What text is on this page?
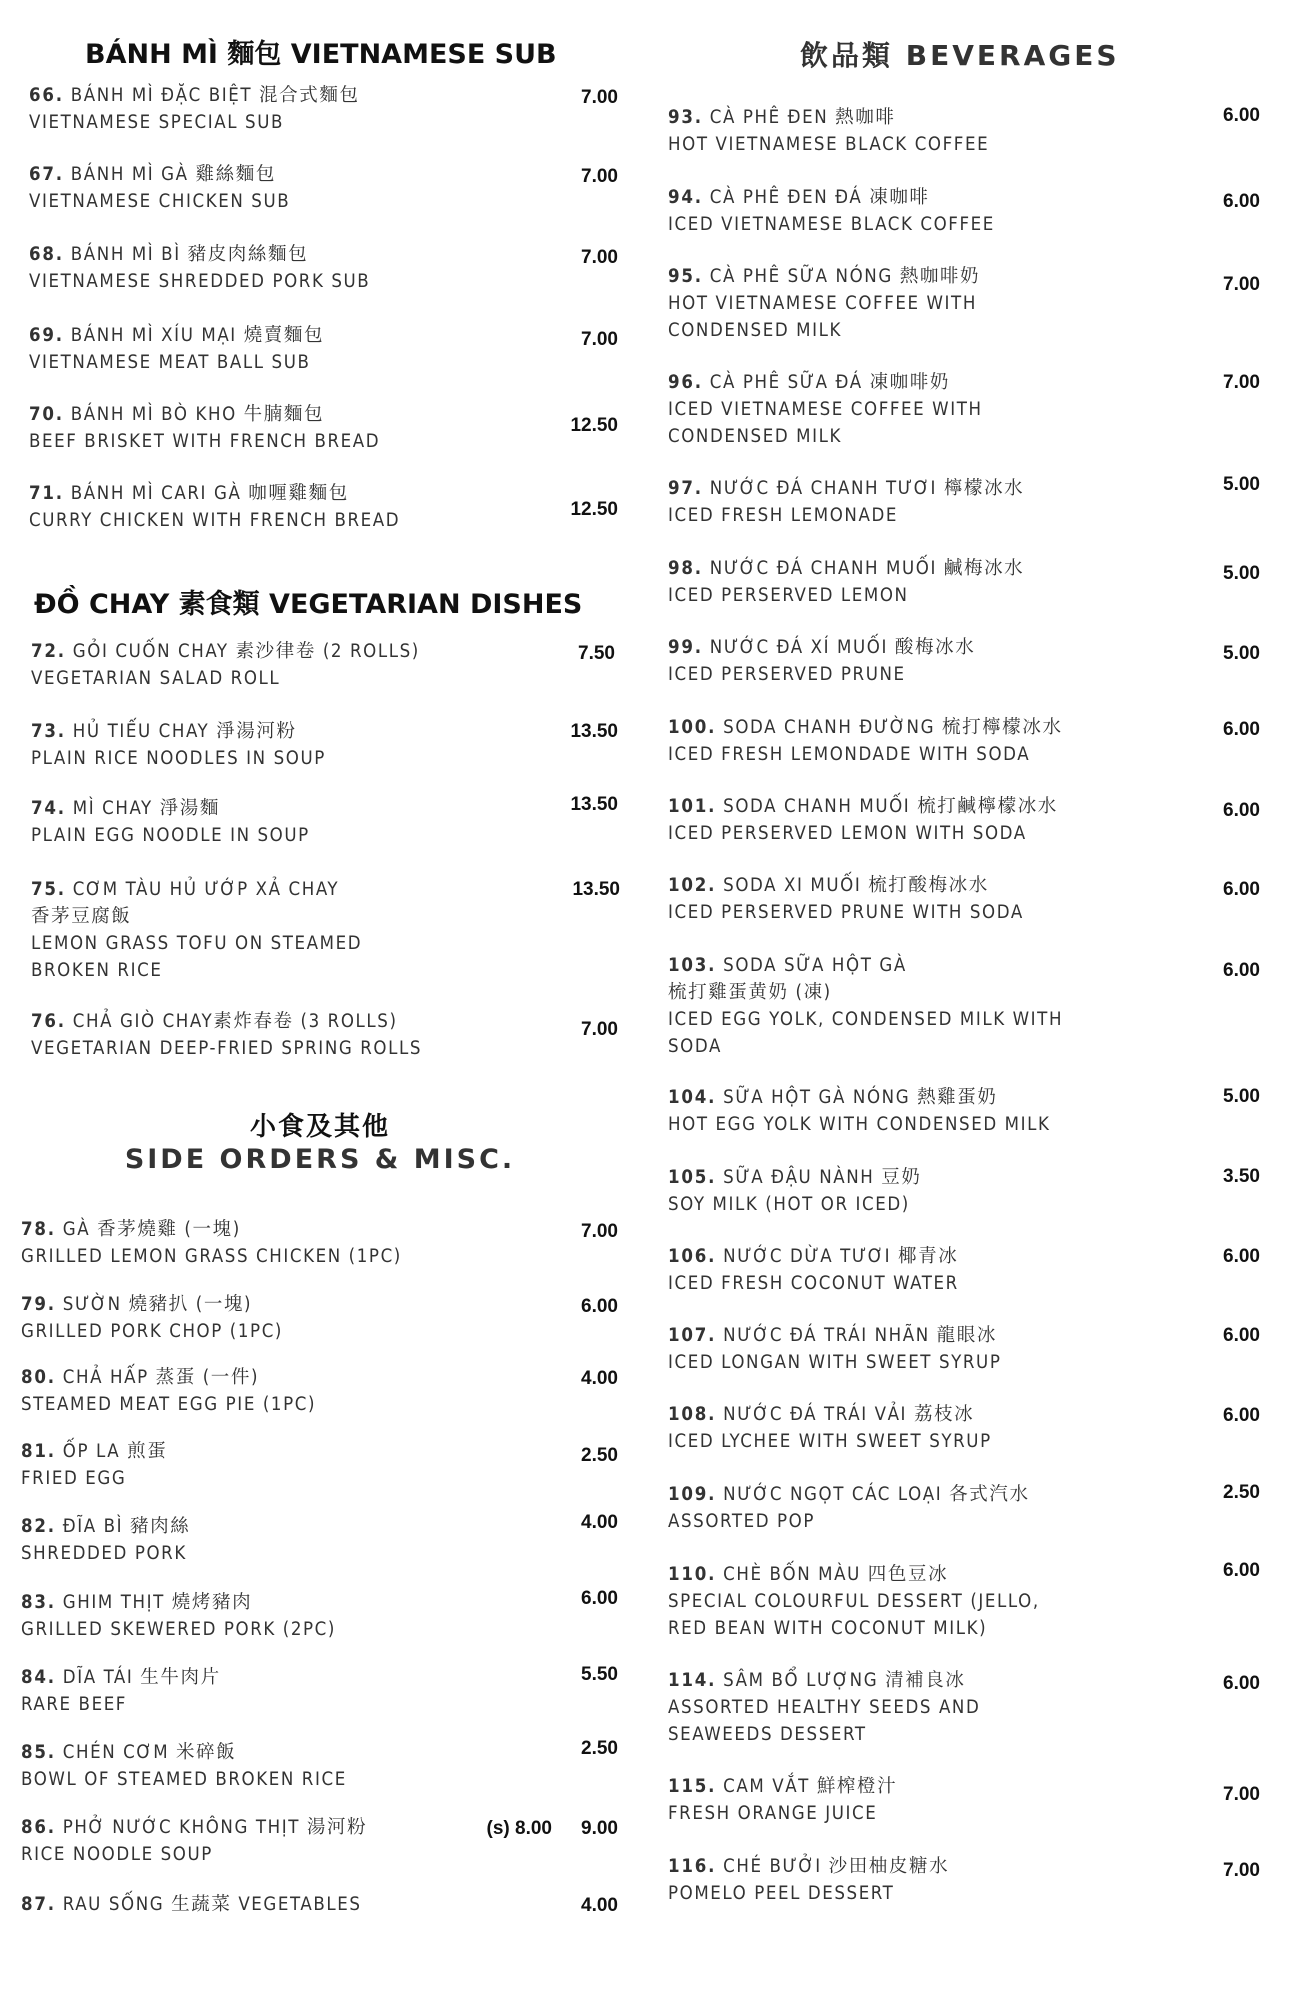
BÁNH MÌ 麵包 VIETNAMESE SUB
66. BÁNH MÌ ĐẶC BIỆT 混合式麵包
VIETNAMESE SPECIAL SUB
7.00
67. BÁNH MÌ GÀ 雞絲麵包
VIETNAMESE CHICKEN SUB
7.00
68. BÁNH MÌ BÌ 豬皮肉絲麵包
VIETNAMESE SHREDDED PORK SUB
7.00
69. BÁNH MÌ XÍU MẠI 燒賣麵包
VIETNAMESE MEAT BALL SUB
7.00
70. BÁNH MÌ BÒ KHO 牛腩麵包
BEEF BRISKET WITH FRENCH BREAD
12.50
71. BÁNH MÌ CARI GÀ 咖喱雞麵包
CURRY CHICKEN WITH FRENCH BREAD
12.50
ĐỒ CHAY 素食類 VEGETARIAN DISHES
72. GỎI CUỐN CHAY 素沙律卷 (2 ROLLS)
VEGETARIAN SALAD ROLL
7.50
73. HỦ TIẾU CHAY 淨湯河粉
PLAIN RICE NOODLES IN SOUP
13.50
74. MÌ CHAY 淨湯麵
PLAIN EGG NOODLE IN SOUP
13.50
75. CƠM TÀU HỦ ƯỚP XẢ CHAY
香茅豆腐飯
LEMON GRASS TOFU ON STEAMED
BROKEN RICE
13.50
76. CHẢ GIÒ CHAY素炸春卷 (3 ROLLS)
VEGETARIAN DEEP-FRIED SPRING ROLLS
7.00
小食及其他
SIDE ORDERS & MISC.
78. GÀ 香茅燒雞 (一塊)
GRILLED LEMON GRASS CHICKEN (1PC)
7.00
79. SƯỜN 燒豬扒 (一塊)
GRILLED PORK CHOP (1PC)
6.00
80. CHẢ HẤP 蒸蛋 (一件)
STEAMED MEAT EGG PIE (1PC)
4.00
81. ỐP LA 煎蛋
FRIED EGG
2.50
82. ĐĨA BÌ 豬肉絲
SHREDDED PORK
4.00
83. GHIM THỊT 燒烤豬肉
GRILLED SKEWERED PORK (2PC)
6.00
84. DĨA TÁI 生牛肉片
RARE BEEF
5.50
85. CHÉN CƠM 米碎飯
BOWL OF STEAMED BROKEN RICE
2.50
86. PHỞ NƯỚC KHÔNG THỊT 湯河粉
RICE NOODLE SOUP
(s) 8.00 9.00
87. RAU SỐNG 生蔬菜 VEGETABLES	4.00
飲品類 BEVERAGES
93. CÀ PHÊ ĐEN 熱咖啡
HOT VIETNAMESE BLACK COFFEE
6.00
94. CÀ PHÊ ĐEN ĐÁ 凍咖啡
ICED VIETNAMESE BLACK COFFEE
6.00
95. CÀ PHÊ SỮA NÓNG 熱咖啡奶
HOT VIETNAMESE COFFEE WITH
CONDENSED MILK
7.00
96. CÀ PHÊ SỮA ĐÁ 凍咖啡奶
ICED VIETNAMESE COFFEE WITH
CONDENSED MILK
7.00
97. NƯỚC ĐÁ CHANH TƯƠI 檸檬冰水
ICED FRESH LEMONADE
5.00
98. NƯỚC ĐÁ CHANH MUỐI 鹹梅冰水
ICED PERSERVED LEMON
5.00
99. NƯỚC ĐÁ XÍ MUỐI 酸梅冰水
ICED PERSERVED PRUNE
5.00
100. SODA CHANH ĐƯỜNG 梳打檸檬冰水
ICED FRESH LEMONDADE WITH SODA
6.00
101. SODA CHANH MUỐI 梳打鹹檸檬冰水
ICED PERSERVED LEMON WITH SODA
6.00
102. SODA XI MUỐI 梳打酸梅冰水
ICED PERSERVED PRUNE WITH SODA
6.00
103. SODA SỮA HỘT GÀ
梳打雞蛋黄奶 (凍)
ICED EGG YOLK, CONDENSED MILK WITH
SODA
6.00
104. SỮA HỘT GÀ NÓNG 熱雞蛋奶
HOT EGG YOLK WITH CONDENSED MILK
5.00
105. SỮA ĐẬU NÀNH 豆奶
SOY MILK (HOT OR ICED)
3.50
106. NƯỚC DỪA TƯƠI 椰青冰
ICED FRESH COCONUT WATER
6.00
107. NƯỚC ĐÁ TRÁI NHÃN 龍眼冰
ICED LONGAN WITH SWEET SYRUP
6.00
108. NƯỚC ĐÁ TRÁI VẢI 荔枝冰
ICED LYCHEE WITH SWEET SYRUP
6.00
109. NƯỚC NGỌT CÁC LOẠI 各式汽水
ASSORTED POP
2.50
110. CHÈ BỐN MÀU 四色豆冰
SPECIAL COLOURFUL DESSERT (JELLO,
RED BEAN WITH COCONUT MILK)
6.00
114. SÂM BỔ LƯỢNG 清補良冰
ASSORTED HEALTHY SEEDS AND
SEAWEEDS DESSERT
6.00
115. CAM VẮT 鮮榨橙汁
FRESH ORANGE JUICE
7.00
116. CHÉ BƯỞI 沙田柚皮糖水
POMELO PEEL DESSERT
7.00
